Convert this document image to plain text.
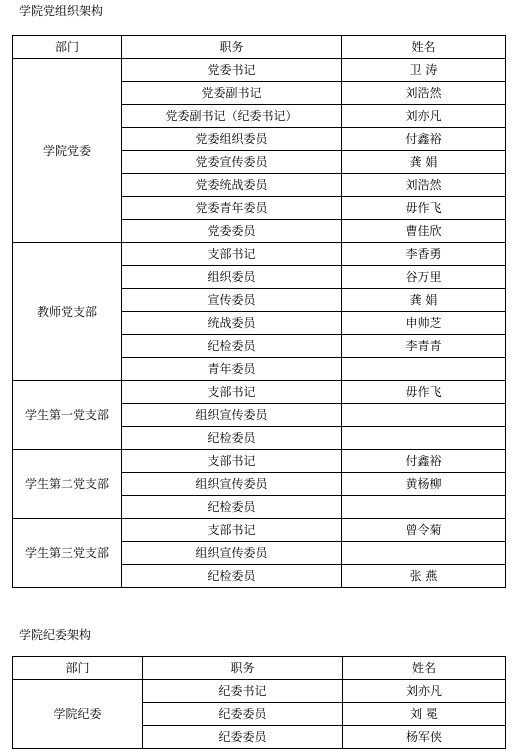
学院党组织架构
部门	职务	姓名
学院党委	党委书记	卫 涛
	党委副书记	刘浩然
	党委副书记（纪委书记）	刘亦凡
	党委组织委员	付鑫裕
	党委宣传委员	龚 娟
	党委统战委员	刘浩然
	党委青年委员	毋作飞
	党委委员	曹佳欣
教师党支部	支部书记	李香勇
	组织委员	谷万里
	宣传委员	龚 娟
	统战委员	申帅芝
	纪检委员	李青青
	青年委员	
学生第一党支部	支部书记	毋作飞
	组织宣传委员	
	纪检委员	
学生第二党支部	支部书记	付鑫裕
	组织宣传委员	黄杨柳
	纪检委员	
学生第三党支部	支部书记	曾令菊
	组织宣传委员	
	纪检委员	张 燕
学院纪委架构
部门	职务	姓名
学院纪委	纪委书记	刘亦凡
	纪委委员	刘 冕
	纪委委员	杨军侠
